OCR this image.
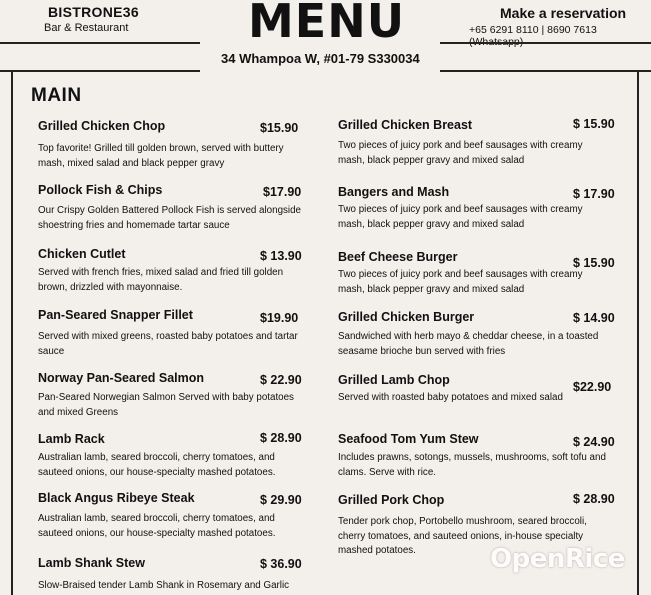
BISTRONE36
Bar & Restaurant	MENU	Make a reservation
+65 6291 8110 | 8690 7613
34 Whampoa W, #01-79 S330034
MAIN
Grilled Chicken Chop	$15.90
Top favorite! Grilled till golden brown, served with buttery mash, mixed salad and black pepper gravy
Pollock Fish & Chips	$17.90
Our Crispy Golden Battered Pollock Fish is served alongside shoestring fries and homemade tartar sauce
Chicken Cutlet	$ 13.90
Served with french fries, mixed salad and fried till golden brown, drizzled with mayonnaise.
Pan-Seared Snapper Fillet	$19.90
Served with mixed greens, roasted baby potatoes and tartar sauce
Norway Pan-Seared Salmon	$ 22.90
Pan-Seared Norwegian Salmon Served with baby potatoes and mixed Greens
Lamb Rack	$ 28.90
Australian lamb, seared broccoli, cherry tomatoes, and sauteed onions, our house-specialty mashed potatoes.
Black Angus Ribeye Steak	$ 29.90
Australian lamb, seared broccoli, cherry tomatoes, and sauteed onions, our house-specialty mashed potatoes.
Lamb Shank Stew	$ 36.90
Slow-Braised tender Lamb Shank in Rosemary and Garlic
Grilled Chicken Breast	$ 15.90
Two pieces of juicy pork and beef sausages with creamy mash, black pepper gravy and mixed salad
Bangers and Mash	$ 17.90
Two pieces of juicy pork and beef sausages with creamy mash, black pepper gravy and mixed salad
Beef Cheese Burger	$ 15.90
Two pieces of juicy pork and beef sausages with creamy mash, black pepper gravy and mixed salad
Grilled Chicken Burger	$ 14.90
Sandwiched with herb mayo & cheddar cheese, in a toasted seasame brioche bun served with fries
Grilled Lamb Chop	$22.90
Served with roasted baby potatoes and mixed salad
Seafood Tom Yum Stew	$ 24.90
Includes prawns, sotongs, mussels, mushrooms, soft tofu and clams. Serve with rice.
Grilled Pork Chop	$ 28.90
Tender pork chop, Portobello mushroom, seared broccoli, cherry tomatoes, and sauteed onions, in-house specialty mashed potatoes.	OpenRice
